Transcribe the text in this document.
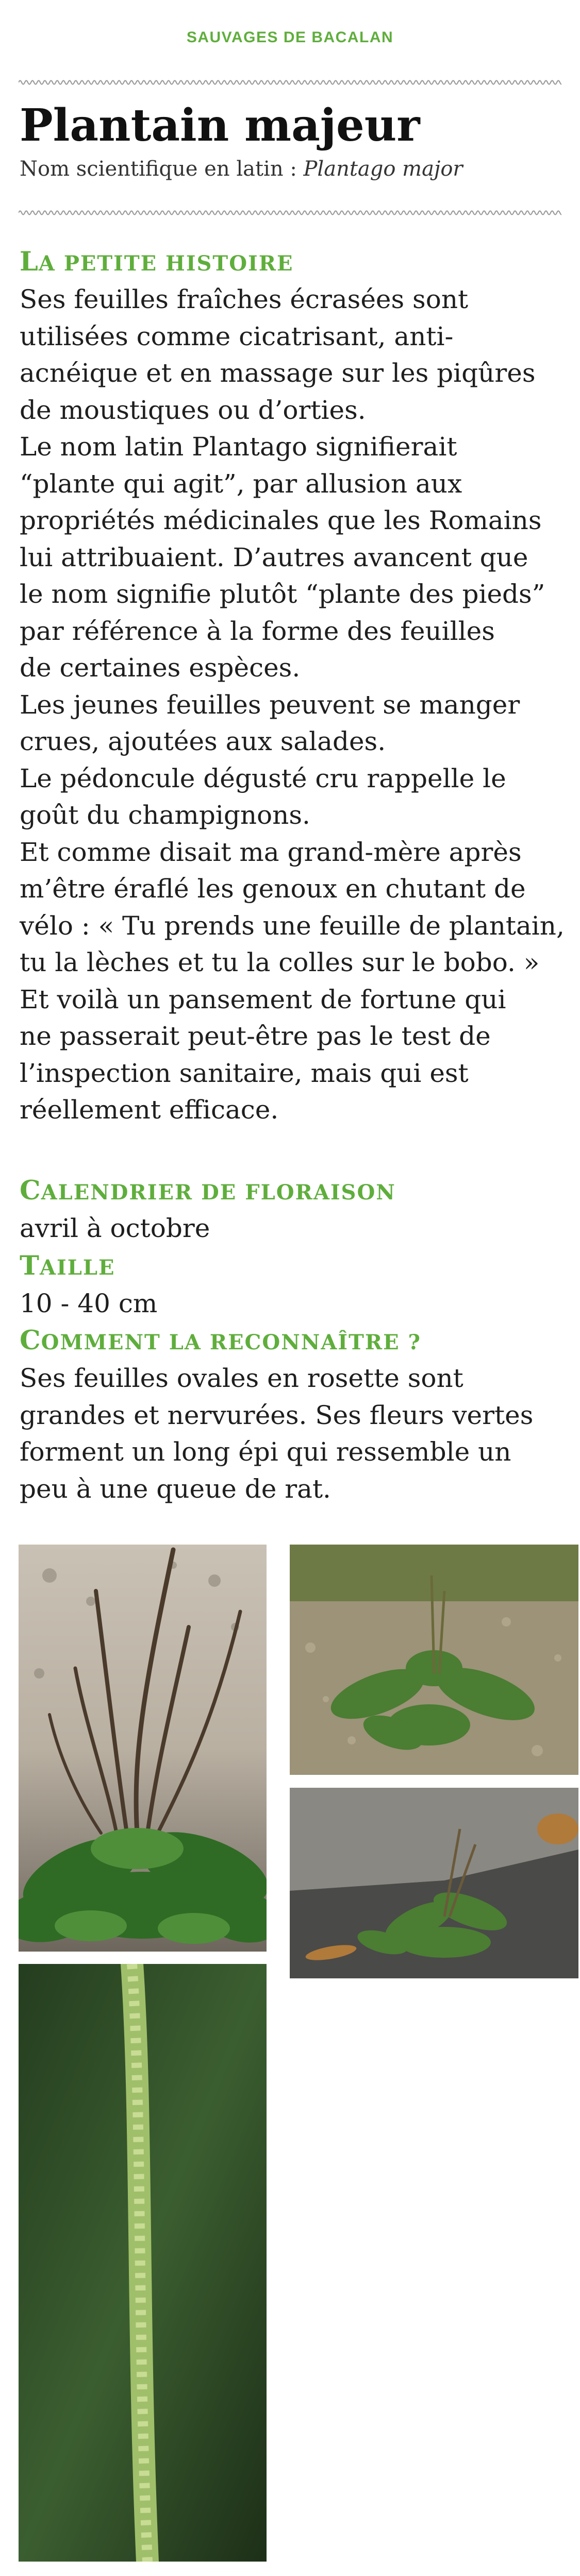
SAUVAGES DE BACALAN
Plantain majeur
Nom scientifique en latin : Plantago major
LA PETITE HISTOIRE
Ses feuilles fraîches écrasées sont
utilisées comme cicatrisant, anti-
acnéique et en massage sur les piqûres
de moustiques ou d’orties.
Le nom latin Plantago signifierait
“plante qui agit”, par allusion aux
propriétés médicinales que les Romains
lui attribuaient. D’autres avancent que
le nom signifie plutôt “plante des pieds”
par référence à la forme des feuilles
de certaines espèces.
Les jeunes feuilles peuvent se manger
crues, ajoutées aux salades.
Le pédoncule dégusté cru rappelle le
goût du champignons.
Et comme disait ma grand-mère après
m’être éraflé les genoux en chutant de
vélo : « Tu prends une feuille de plantain,
tu la lèches et tu la colles sur le bobo. »
Et voilà un pansement de fortune qui
ne passerait peut-être pas le test de
l’inspection sanitaire, mais qui est
réellement efficace.
CALENDRIER DE FLORAISON
avril à octobre
TAILLE
10 - 40 cm
COMMENT LA RECONNAÎTRE ?
Ses feuilles ovales en rosette sont
grandes et nervurées. Ses fleurs vertes
forment un long épi qui ressemble un
peu à une queue de rat.
